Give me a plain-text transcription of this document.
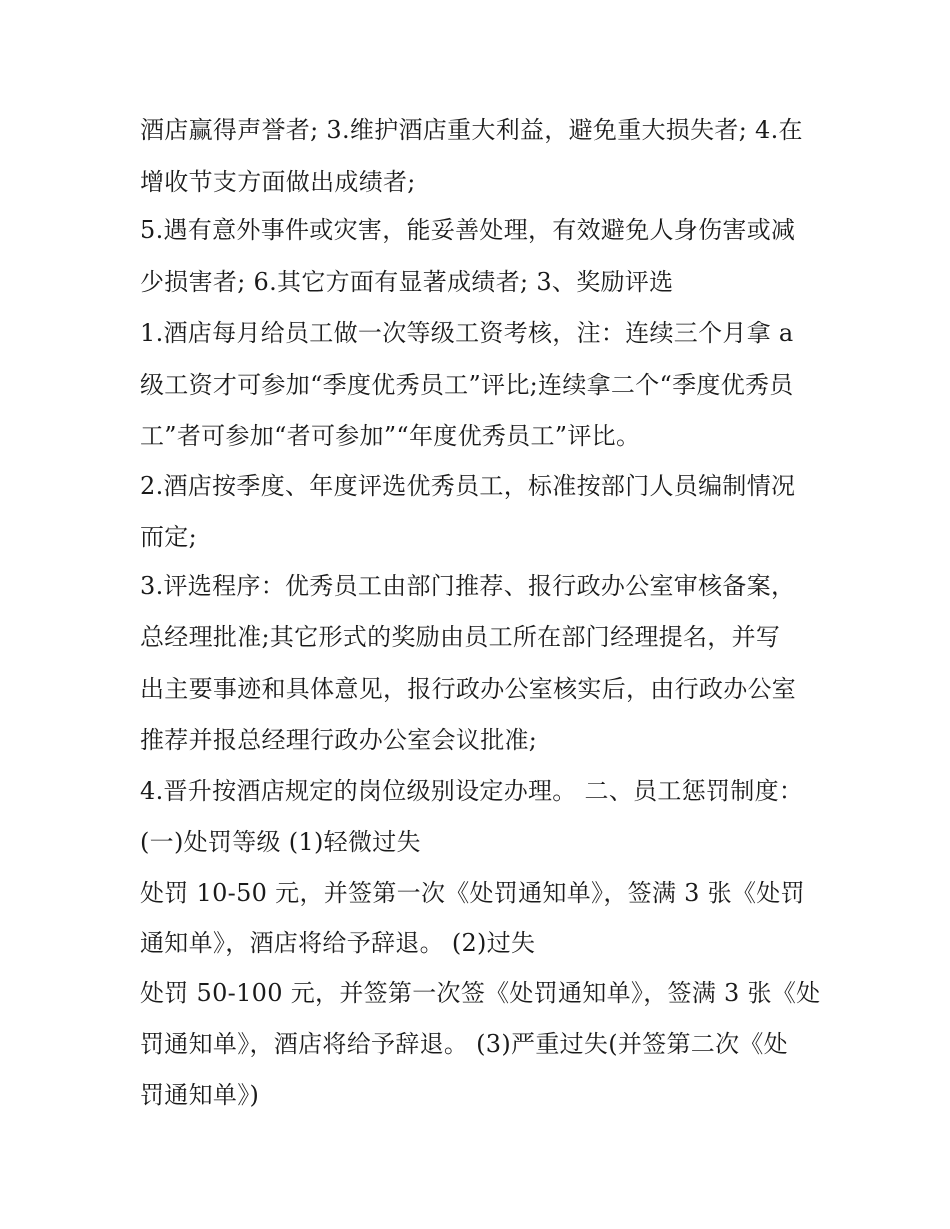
酒店赢得声誉者; 3.维护酒店重大利益，避免重大损失者; 4.在
增收节支方面做出成绩者;
5.遇有意外事件或灾害，能妥善处理，有效避免人身伤害或减
少损害者; 6.其它方面有显著成绩者; 3、奖励评选
1.酒店每月给员工做一次等级工资考核，注：连续三个月拿 a
级工资才可参加“季度优秀员工”评比;连续拿二个“季度优秀员
工”者可参加“者可参加”“年度优秀员工”评比。
2.酒店按季度、年度评选优秀员工，标准按部门人员编制情况
而定;
3.评选程序：优秀员工由部门推荐、报行政办公室审核备案，
总经理批准;其它形式的奖励由员工所在部门经理提名，并写
出主要事迹和具体意见，报行政办公室核实后，由行政办公室
推荐并报总经理行政办公室会议批准;
4.晋升按酒店规定的岗位级别设定办理。 二、员工惩罚制度：
(一)处罚等级 (1)轻微过失
处罚 10-50 元，并签第一次《处罚通知单》，签满 3 张《处罚
通知单》，酒店将给予辞退。 (2)过失
处罚 50-100 元，并签第一次签《处罚通知单》，签满 3 张《处
罚通知单》，酒店将给予辞退。 (3)严重过失(并签第二次《处
罚通知单》)
